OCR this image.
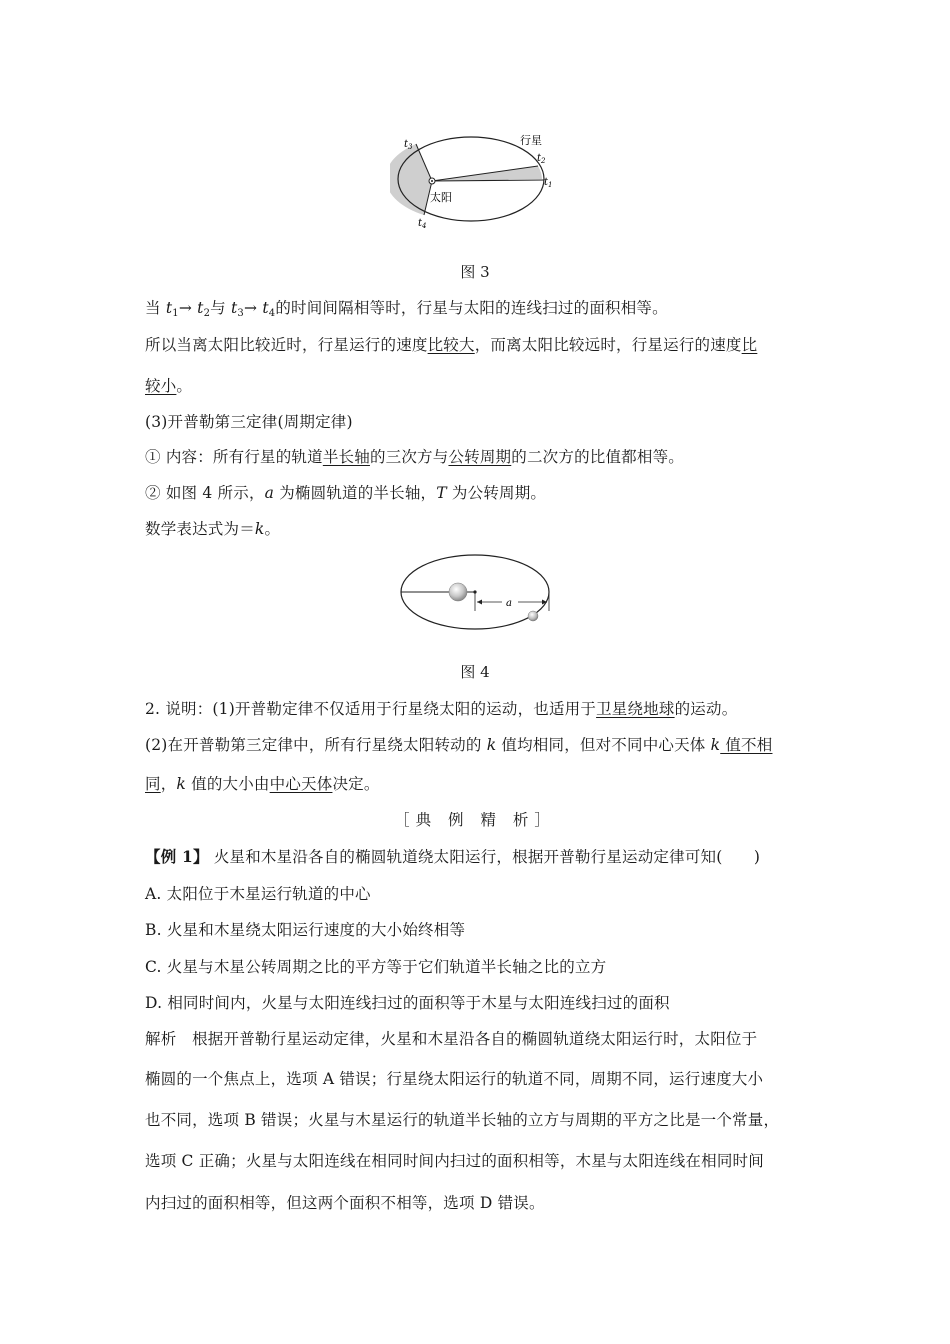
行星
太阳
$t_1$
$t_2$
$t_3$
$t_4$
图 3
当 $t_1\to t_2$与 $t_3\to t_4$的时间间隔相等时，行星与太阳的连线扫过的面积相等。
所以当离太阳比较近时，行星运行的速度比较大，而离太阳比较远时，行星运行的速度比
较小。
(3)开普勒第三定律(周期定律)
① 内容：所有行星的轨道半长轴的三次方与公转周期的二次方的比值都相等。
② 如图 4 所示，a 为椭圆轨道的半长轴，T 为公转周期。
数学表达式为＝k。
a
图 4
2. 说明：(1)开普勒定律不仅适用于行星绕太阳的运动，也适用于卫星绕地球的运动。
(2)在开普勒第三定律中，所有行星绕太阳转动的 k 值均相同，但对不同中心天体 k 值不相
同，k 值的大小由中心天体决定。
［典 例 精 析］
【例 1】 火星和木星沿各自的椭圆轨道绕太阳运行，根据开普勒行星运动定律可知(　　)
A. 太阳位于木星运行轨道的中心
B. 火星和木星绕太阳运行速度的大小始终相等
C. 火星与木星公转周期之比的平方等于它们轨道半长轴之比的立方
D. 相同时间内，火星与太阳连线扫过的面积等于木星与太阳连线扫过的面积
解析　根据开普勒行星运动定律，火星和木星沿各自的椭圆轨道绕太阳运行时，太阳位于
椭圆的一个焦点上，选项 A 错误；行星绕太阳运行的轨道不同，周期不同，运行速度大小
也不同，选项 B 错误；火星与木星运行的轨道半长轴的立方与周期的平方之比是一个常量，
选项 C 正确；火星与太阳连线在相同时间内扫过的面积相等，木星与太阳连线在相同时间
内扫过的面积相等，但这两个面积不相等，选项 D 错误。
